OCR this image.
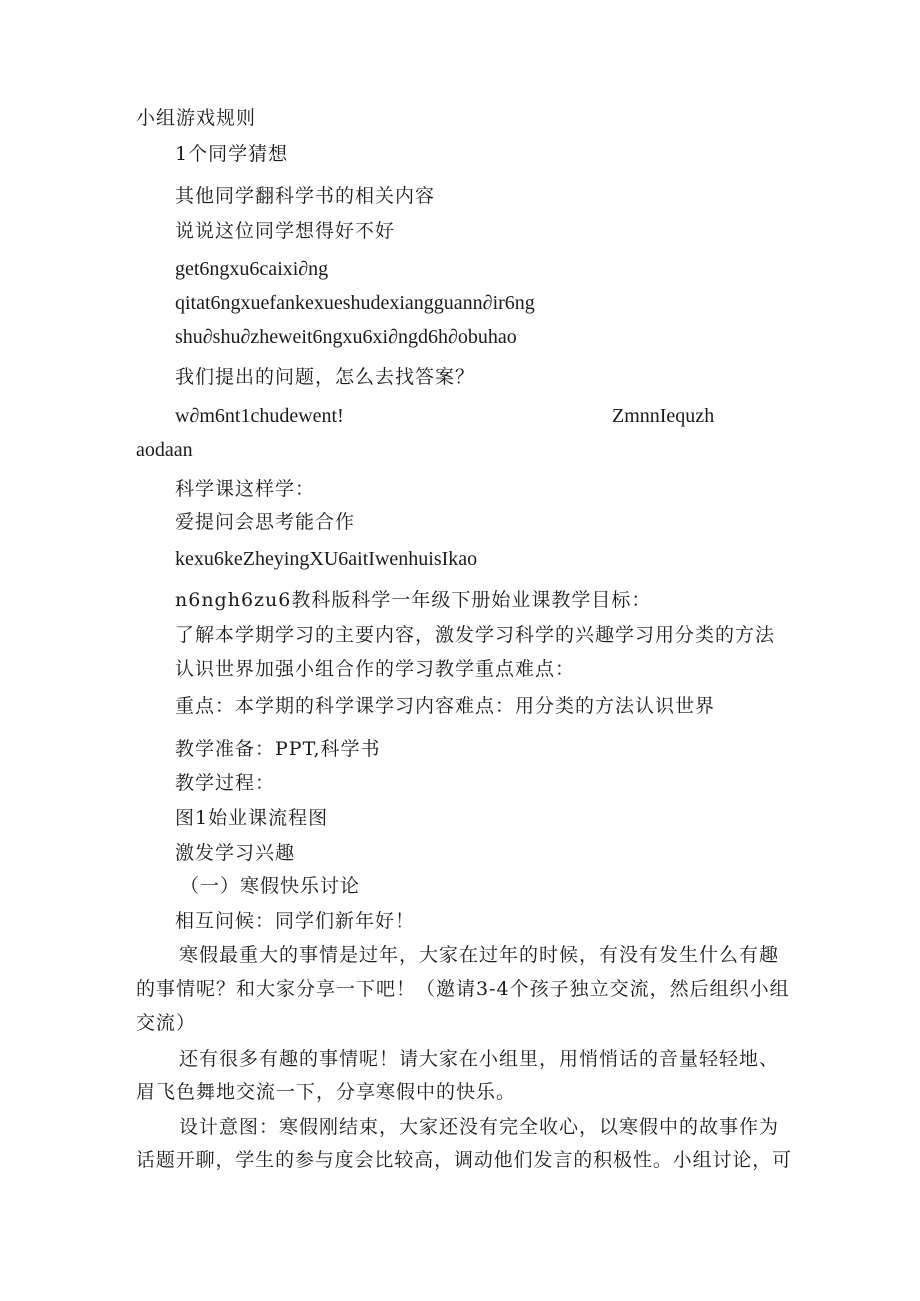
小组游戏规则
1个同学猜想
其他同学翻科学书的相关内容
说说这位同学想得好不好
get6ngxu6caixi∂ng
qitat6ngxuefankexueshudexiangguann∂ir6ng
shu∂shu∂zheweit6ngxu6xi∂ngd6h∂obuhao
我们提出的问题，怎么去找答案？
w∂m6nt1chudewent!	ZmnnIequzh
aodaan
科学课这样学：
爱提问会思考能合作
kexu6keZheyingXU6aitIwenhuisIkao
n6ngh6zu6教科版科学一年级下册始业课教学目标：
了解本学期学习的主要内容，激发学习科学的兴趣学习用分类的方法
认识世界加强小组合作的学习教学重点难点：
重点：本学期的科学课学习内容难点：用分类的方法认识世界
教学准备：PPT,科学书
教学过程：
图1始业课流程图
激发学习兴趣
（一）寒假快乐讨论
相互问候：同学们新年好！
寒假最重大的事情是过年，大家在过年的时候，有没有发生什么有趣
的事情呢？和大家分享一下吧！（邀请3-4个孩子独立交流，然后组织小组
交流）
还有很多有趣的事情呢！请大家在小组里，用悄悄话的音量轻轻地、
眉飞色舞地交流一下，分享寒假中的快乐。
设计意图：寒假刚结束，大家还没有完全收心，以寒假中的故事作为
话题开聊，学生的参与度会比较高，调动他们发言的积极性。小组讨论，可
